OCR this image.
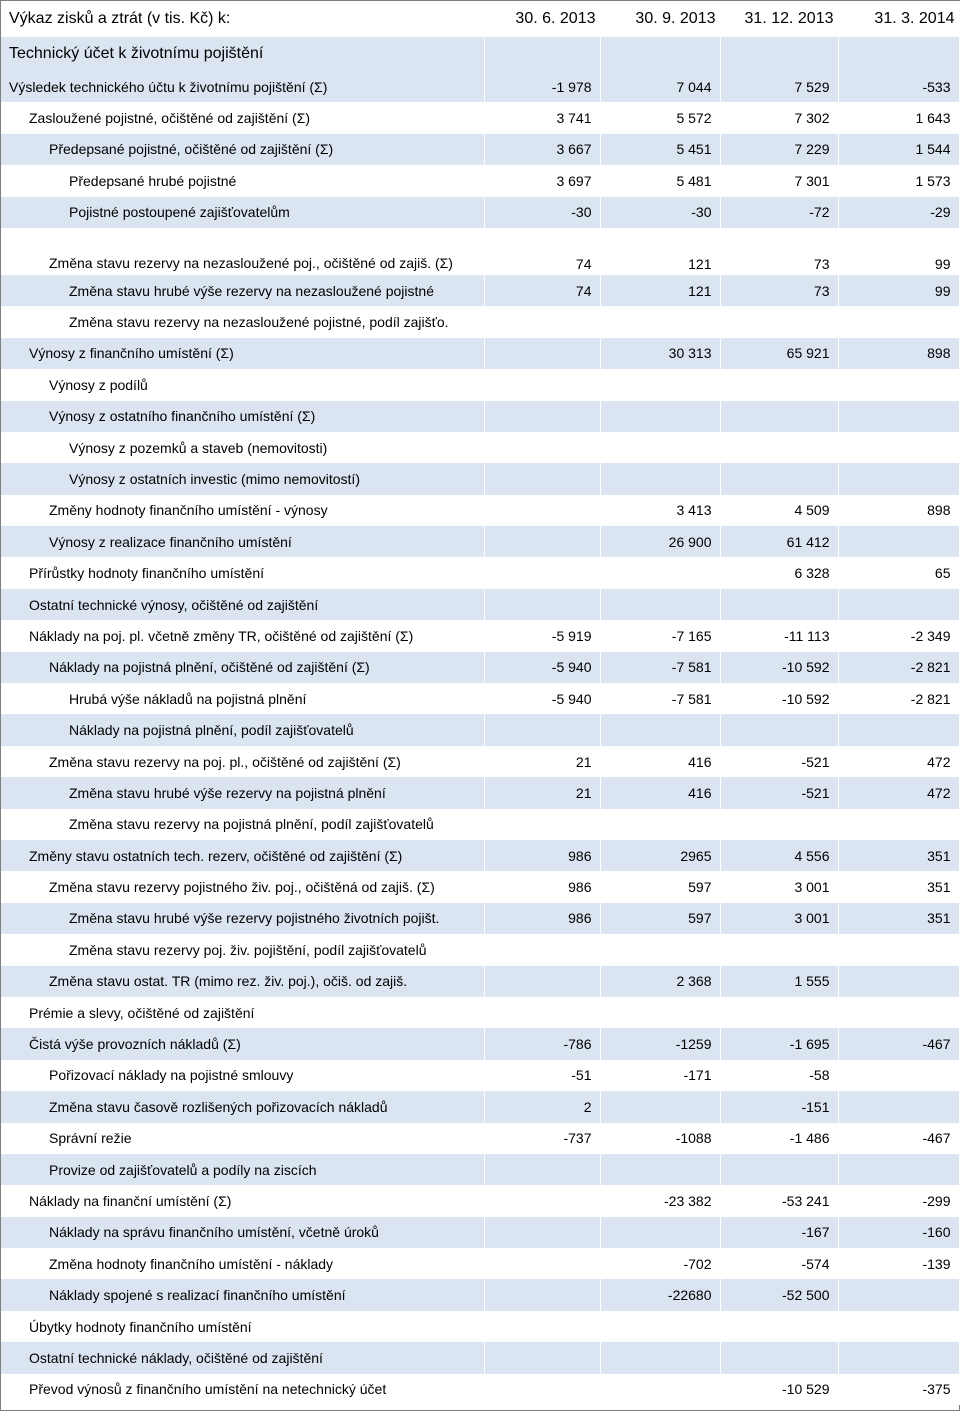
Výkaz zisků a ztrát (v tis. Kč) k:	30. 6. 2013	30. 9. 2013	31. 12. 2013	31. 3. 2014
Technický účet k životnímu pojištění				
Výsledek technického účtu k životnímu pojištění (Σ)	-1 978	7 044	7 529	-533
Zasloužené pojistné, očištěné od zajištění (Σ)	3 741	5 572	7 302	1 643
Předepsané pojistné, očištěné od zajištění (Σ)	3 667	5 451	7 229	1 544
Předepsané hrubé pojistné	3 697	5 481	7 301	1 573
Pojistné postoupené zajišťovatelům	-30	-30	-72	-29
Změna stavu rezervy na nezasloužené poj., očištěné od zajiš. (Σ)	74	121	73	99
Změna stavu hrubé výše rezervy na nezasloužené pojistné	74	121	73	99
Změna stavu rezervy na nezasloužené pojistné, podíl zajišťo.				
Výnosy z finančního umístění (Σ)		30 313	65 921	898
Výnosy z podílů				
Výnosy z ostatního finančního umístění (Σ)				
Výnosy z pozemků a staveb (nemovitosti)				
Výnosy z ostatních investic (mimo nemovitostí)				
Změny hodnoty finančního umístění - výnosy		3 413	4 509	898
Výnosy z realizace finančního umístění		26 900	61 412	
Přírůstky hodnoty finančního umístění			6 328	65
Ostatní technické výnosy, očištěné od zajištění				
Náklady na poj. pl. včetně změny TR, očištěné od zajištění (Σ)	-5 919	-7 165	-11 113	-2 349
Náklady na pojistná plnění, očištěné od zajištění (Σ)	-5 940	-7 581	-10 592	-2 821
Hrubá výše nákladů na pojistná plnění	-5 940	-7 581	-10 592	-2 821
Náklady na pojistná plnění, podíl zajišťovatelů				
Změna stavu rezervy na poj. pl., očištěné od zajištění (Σ)	21	416	-521	472
Změna stavu hrubé výše rezervy na pojistná plnění	21	416	-521	472
Změna stavu rezervy na pojistná plnění, podíl zajišťovatelů				
Změny stavu ostatních tech. rezerv, očištěné od zajištění (Σ)	986	2965	4 556	351
Změna stavu rezervy pojistného živ. poj., očištěná od zajiš. (Σ)	986	597	3 001	351
Změna stavu hrubé výše rezervy pojistného životních pojišt.	986	597	3 001	351
Změna stavu rezervy poj. živ. pojištění, podíl zajišťovatelů				
Změna stavu ostat. TR (mimo rez. živ. poj.), očiš. od zajiš.		2 368	1 555	
Prémie a slevy, očištěné od zajištění				
Čistá výše provozních nákladů (Σ)	-786	-1259	-1 695	-467
Pořizovací náklady na pojistné smlouvy	-51	-171	-58	
Změna stavu časově rozlišených pořizovacích nákladů	2		-151	
Správní režie	-737	-1088	-1 486	-467
Provize od zajišťovatelů a podíly na ziscích				
Náklady na finanční umístění (Σ)		-23 382	-53 241	-299
Náklady na správu finančního umístění, včetně úroků			-167	-160
Změna hodnoty finančního umístění - náklady		-702	-574	-139
Náklady spojené s realizací finančního umístění		-22680	-52 500	
Úbytky hodnoty finančního umístění				
Ostatní technické náklady, očištěné od zajištění				
Převod výnosů z finančního umístění na netechnický účet			-10 529	-375
